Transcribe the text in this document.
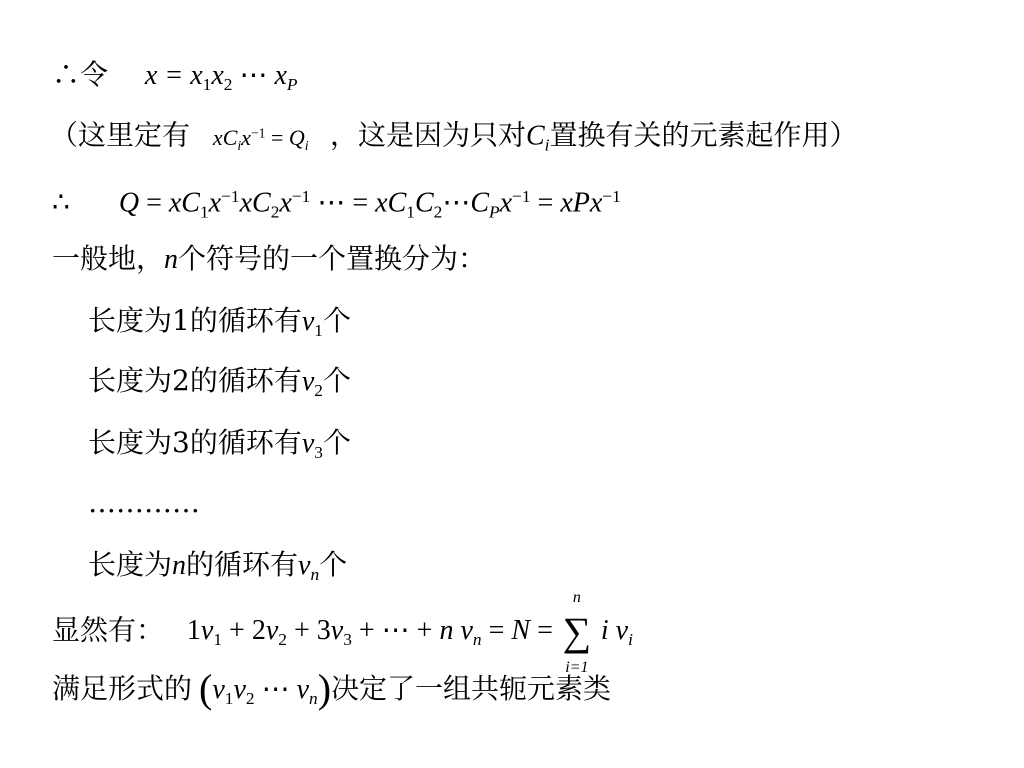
∴令 $x = x_1x_2$ ⋯ $x_P$
（这里定有 $xC_ix^{-1} = Q_i$ ，这是因为只对$C_i$置换有关的元素起作用）
∴ $Q = xC_1x^{-1}xC_2x^{-1}$ ⋯ = $xC_1C_2\cdots C_Px^{-1} = xPx^{-1}$
一般地，n个符号的一个置换分为：
长度为1的循环有$\nu_1$个
长度为2的循环有$\nu_2$个
长度为3的循环有$\nu_3$个
…………
长度为n的循环有$\nu_n$个
显然有： $1\nu_1 + 2\nu_2 + 3\nu_3$ + ⋯ + n $\nu_n = N$ =
n
∑
i=1
i $\nu_i$
满足形式的 ($\nu_1\nu_2$ ⋯ $\nu_n$)决定了一组共轭元素类
